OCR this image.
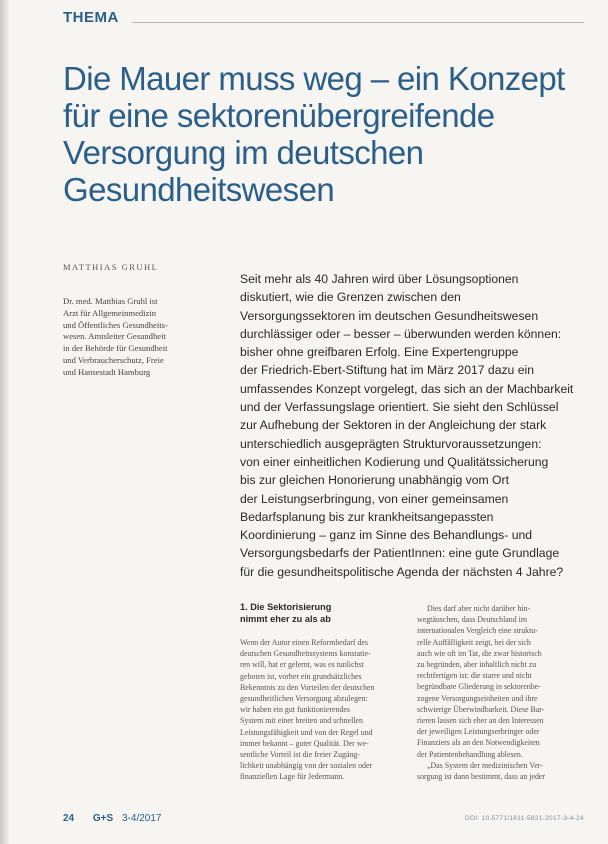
THEMA
Die Mauer muss weg – ein Konzept für eine sektorenübergreifende Versorgung im deutschen Gesundheitswesen
MATTHIAS GRUHL
Dr. med. Matthias Gruhl ist
Arzt für Allgemeinmedizin
und Öffentliches Gesundheits-
wesen. Amtsleiter Gesundheit
in der Behörde für Gesundheit
und Verbraucherschutz, Freie
und Hansestadt Hamburg
Seit mehr als 40 Jahren wird über Lösungsoptionen
diskutiert, wie die Grenzen zwischen den
Versorgungssektoren im deutschen Gesundheitswesen
durchlässiger oder – besser – überwunden werden können:
bisher ohne greifbaren Erfolg. Eine Expertengruppe
der Friedrich-Ebert-Stiftung hat im März 2017 dazu ein
umfassendes Konzept vorgelegt, das sich an der Machbarkeit
und der Verfassungslage orientiert. Sie sieht den Schlüssel
zur Aufhebung der Sektoren in der Angleichung der stark
unterschiedlich ausgeprägten Strukturvoraussetzungen:
von einer einheitlichen Kodierung und Qualitätssicherung
bis zur gleichen Honorierung unabhängig vom Ort
der Leistungserbringung, von einer gemeinsamen
Bedarfsplanung bis zur krankheitsangepassten
Koordinierung – ganz im Sinne des Behandlungs- und
Versorgungsbedarfs der PatientInnen: eine gute Grundlage
für die gesundheitspolitische Agenda der nächsten 4 Jahre?
1. Die Sektorisierung
nimmt eher zu als ab
Wenn der Autor einen Reformbedarf des
deutschen Gesundheitssystems konstatie-
ren will, hat er gelernt, was es tunlichst
geboten ist, vorher ein grundsätzliches
Bekenntnis zu den Vorteilen der deutschen
gesundheitlichen Versorgung abzulegen:
wir haben ein gut funktionierendes
System mit einer breiten und schnellen
Leistungsfähigkeit und von der Regel und
immer bekannt – guter Qualität. Der we-
sentliche Vorteil ist die freier Zugäng-
lichkeit unabhängig von der sozialen oder
finanziellen Lage für Jedermann.
Dies darf aber nicht darüber hin-
wegtäuschen, dass Deutschland im
internationalen Vergleich eine struktu-
relle Auffälligkeit zeigt, bei der sich
auch wie oft im Tat, die zwar historisch
zu begründen, aber inhaltlich nicht zu
rechtfertigen ist: die starre und nicht
begründbare Gliederung in sektorenbe-
zogene Versorgungseinheiten und ihre
schwierige Überwindbarkeit. Diese Bar-
rieren lassen sich eher an den Interessen
der jeweiligen Leistungserbringer oder
Finanziers als an den Notwendigkeiten
der Patientenbehandlung ablesen.
„Das System der medizinischen Ver-
sorgung ist dann bestimmt, dass an jeder
24 G+S 3-4/2017	DOI: 10.5771/1611-5821-2017-3-4-24
